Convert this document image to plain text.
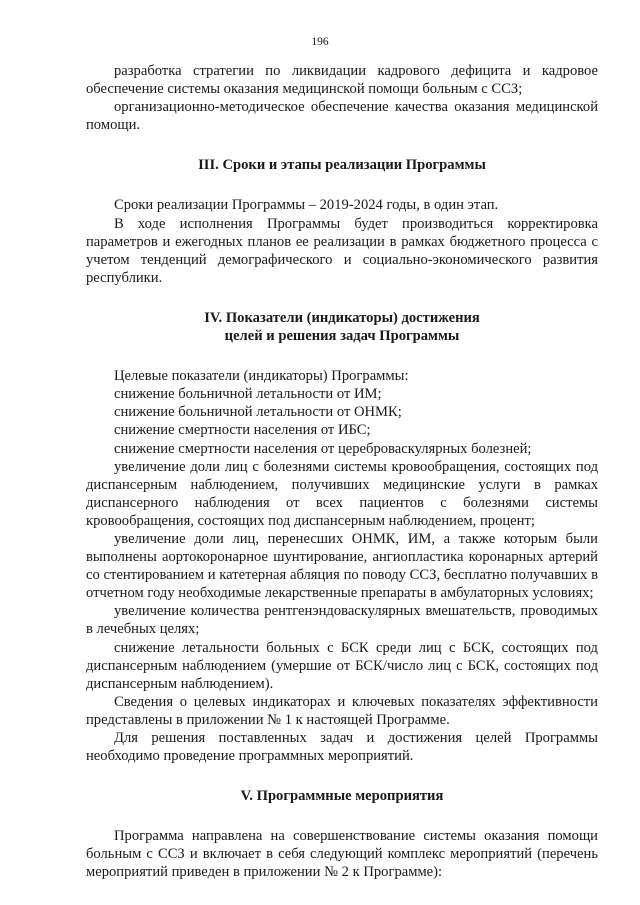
196

разработка стратегии по ликвидации кадрового дефицита и кадровое обеспечение системы оказания медицинской помощи больным с ССЗ;

организационно-методическое обеспечение качества оказания медицинской помощи.

III. Сроки и этапы реализации Программы

Сроки реализации Программы – 2019-2024 годы, в один этап.

В ходе исполнения Программы будет производиться корректировка параметров и ежегодных планов ее реализации в рамках бюджетного процесса с учетом тенденций демографического и социально-экономического развития республики.

IV. Показатели (индикаторы) достижения
целей и решения задач Программы

Целевые показатели (индикаторы) Программы:

снижение больничной летальности от ИМ;

снижение больничной летальности от ОНМК;

снижение смертности населения от ИБС;

снижение смертности населения от цереброваскулярных болезней;

увеличение доли лиц с болезнями системы кровообращения, состоящих под диспансерным наблюдением, получивших медицинские услуги в рамках диспансерного наблюдения от всех пациентов с болезнями системы кровообращения, состоящих под диспансерным наблюдением, процент;

увеличение доли лиц, перенесших ОНМК, ИМ, а также которым были выполнены аортокоронарное шунтирование, ангиопластика коронарных артерий со стентированием и катетерная абляция по поводу ССЗ, бесплатно получавших в отчетном году необходимые лекарственные препараты в амбулаторных условиях;

увеличение количества рентгенэндоваскулярных вмешательств, проводимых в лечебных целях;

снижение летальности больных с БСК среди лиц с БСК, состоящих под диспансерным наблюдением (умершие от БСК/число лиц с БСК, состоящих под диспансерным наблюдением).

Сведения о целевых индикаторах и ключевых показателях эффективности представлены в приложении № 1 к настоящей Программе.

Для решения поставленных задач и достижения целей Программы необходимо проведение программных мероприятий.

V. Программные мероприятия

Программа направлена на совершенствование системы оказания помощи больным с ССЗ и включает в себя следующий комплекс мероприятий (перечень мероприятий приведен в приложении № 2 к Программе):
